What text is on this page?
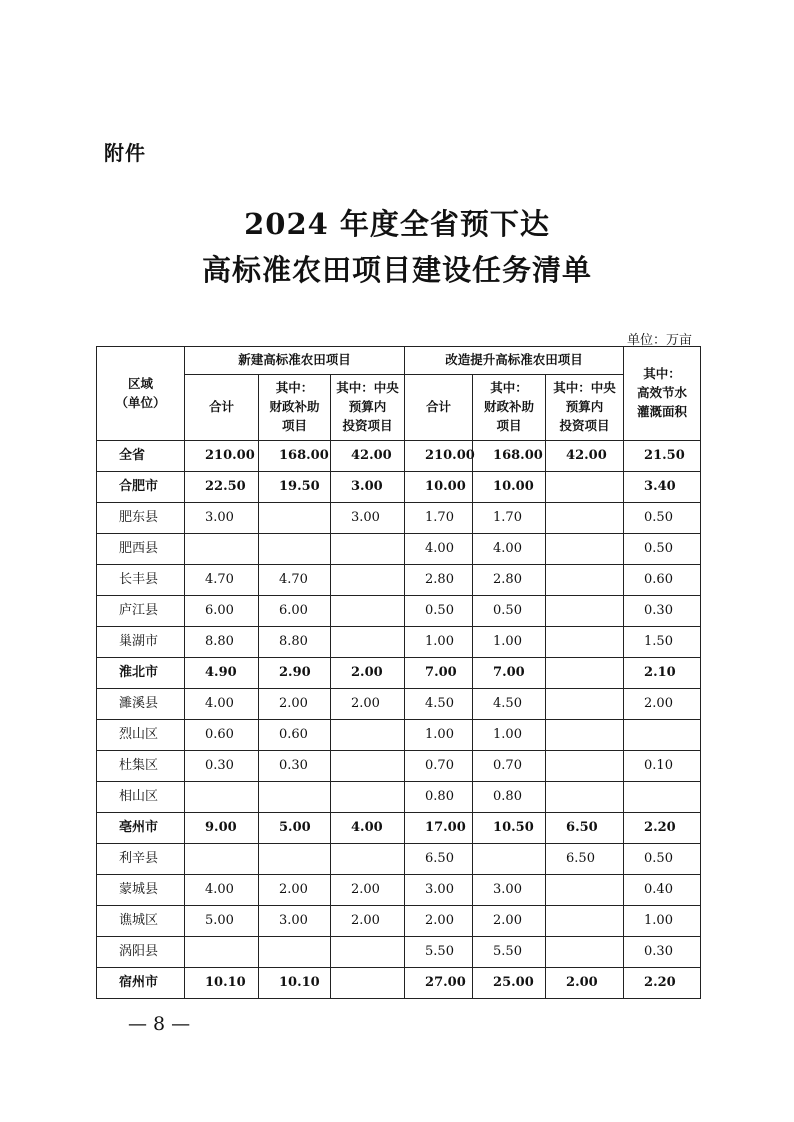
附件
2024 年度全省预下达
高标准农田项目建设任务清单
单位：万亩
区域
（单位）	新建高标准农田项目			改造提升高标准农田项目			其中：
高效节水
灌溉面积
	合计	其中：
财政补助
项目	其中：中央
预算内
投资项目	合计	其中：
财政补助
项目	其中：中央
预算内
投资项目	
全省	210.00	168.00	42.00	210.00	168.00	42.00	21.50
合肥市	22.50	19.50	3.00	10.00	10.00		3.40
肥东县	3.00		3.00	1.70	1.70		0.50
肥西县				4.00	4.00		0.50
长丰县	4.70	4.70		2.80	2.80		0.60
庐江县	6.00	6.00		0.50	0.50		0.30
巢湖市	8.80	8.80		1.00	1.00		1.50
淮北市	4.90	2.90	2.00	7.00	7.00		2.10
濉溪县	4.00	2.00	2.00	4.50	4.50		2.00
烈山区	0.60	0.60		1.00	1.00		
杜集区	0.30	0.30		0.70	0.70		0.10
相山区				0.80	0.80		
亳州市	9.00	5.00	4.00	17.00	10.50	6.50	2.20
利辛县				6.50		6.50	0.50
蒙城县	4.00	2.00	2.00	3.00	3.00		0.40
谯城区	5.00	3.00	2.00	2.00	2.00		1.00
涡阳县				5.50	5.50		0.30
宿州市	10.10	10.10		27.00	25.00	2.00	2.20
— 8 —
